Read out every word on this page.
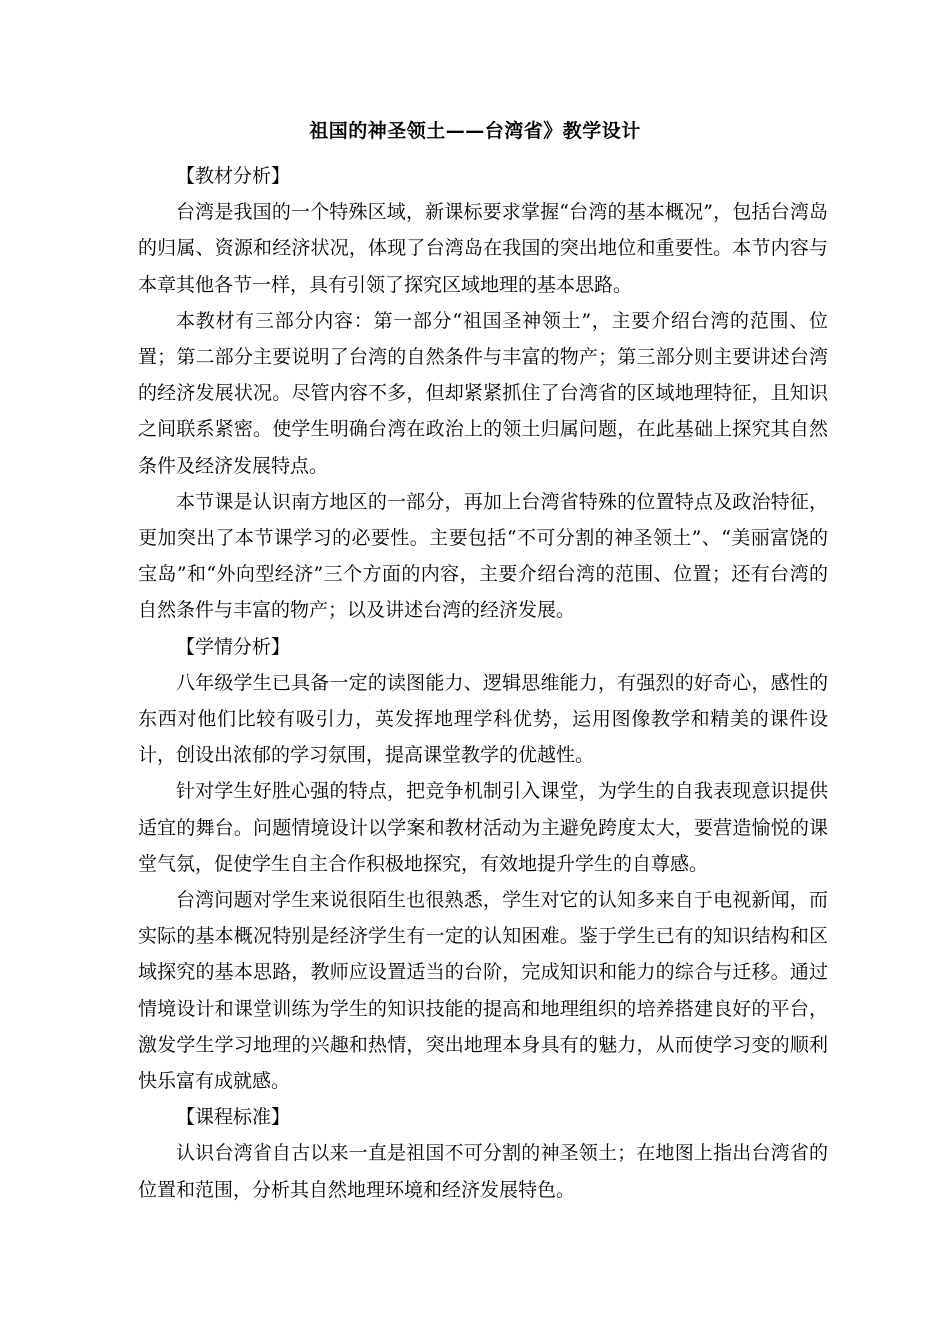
祖国的神圣领土——台湾省》教学设计

【教材分析】

台湾是我国的一个特殊区域，新课标要求掌握“台湾的基本概况”，包括台湾岛的归属、资源和经济状况，体现了台湾岛在我国的突出地位和重要性。本节内容与本章其他各节一样，具有引领了探究区域地理的基本思路。

本教材有三部分内容：第一部分“祖国圣神领土”，主要介绍台湾的范围、位置；第二部分主要说明了台湾的自然条件与丰富的物产；第三部分则主要讲述台湾的经济发展状况。尽管内容不多，但却紧紧抓住了台湾省的区域地理特征，且知识之间联系紧密。使学生明确台湾在政治上的领土归属问题，在此基础上探究其自然条件及经济发展特点。

本节课是认识南方地区的一部分，再加上台湾省特殊的位置特点及政治特征，更加突出了本节课学习的必要性。主要包括“不可分割的神圣领土”、“美丽富饶的宝岛”和“外向型经济”三个方面的内容，主要介绍台湾的范围、位置；还有台湾的自然条件与丰富的物产；以及讲述台湾的经济发展。

【学情分析】

八年级学生已具备一定的读图能力、逻辑思维能力，有强烈的好奇心，感性的东西对他们比较有吸引力，英发挥地理学科优势，运用图像教学和精美的课件设计，创设出浓郁的学习氛围，提高课堂教学的优越性。

针对学生好胜心强的特点，把竞争机制引入课堂，为学生的自我表现意识提供适宜的舞台。问题情境设计以学案和教材活动为主避免跨度太大，要营造愉悦的课堂气氛，促使学生自主合作积极地探究，有效地提升学生的自尊感。

台湾问题对学生来说很陌生也很熟悉，学生对它的认知多来自于电视新闻，而实际的基本概况特别是经济学生有一定的认知困难。鉴于学生已有的知识结构和区域探究的基本思路，教师应设置适当的台阶，完成知识和能力的综合与迁移。通过情境设计和课堂训练为学生的知识技能的提高和地理组织的培养搭建良好的平台，激发学生学习地理的兴趣和热情，突出地理本身具有的魅力，从而使学习变的顺利快乐富有成就感。

【课程标准】

认识台湾省自古以来一直是祖国不可分割的神圣领土；在地图上指出台湾省的位置和范围，分析其自然地理环境和经济发展特色。
